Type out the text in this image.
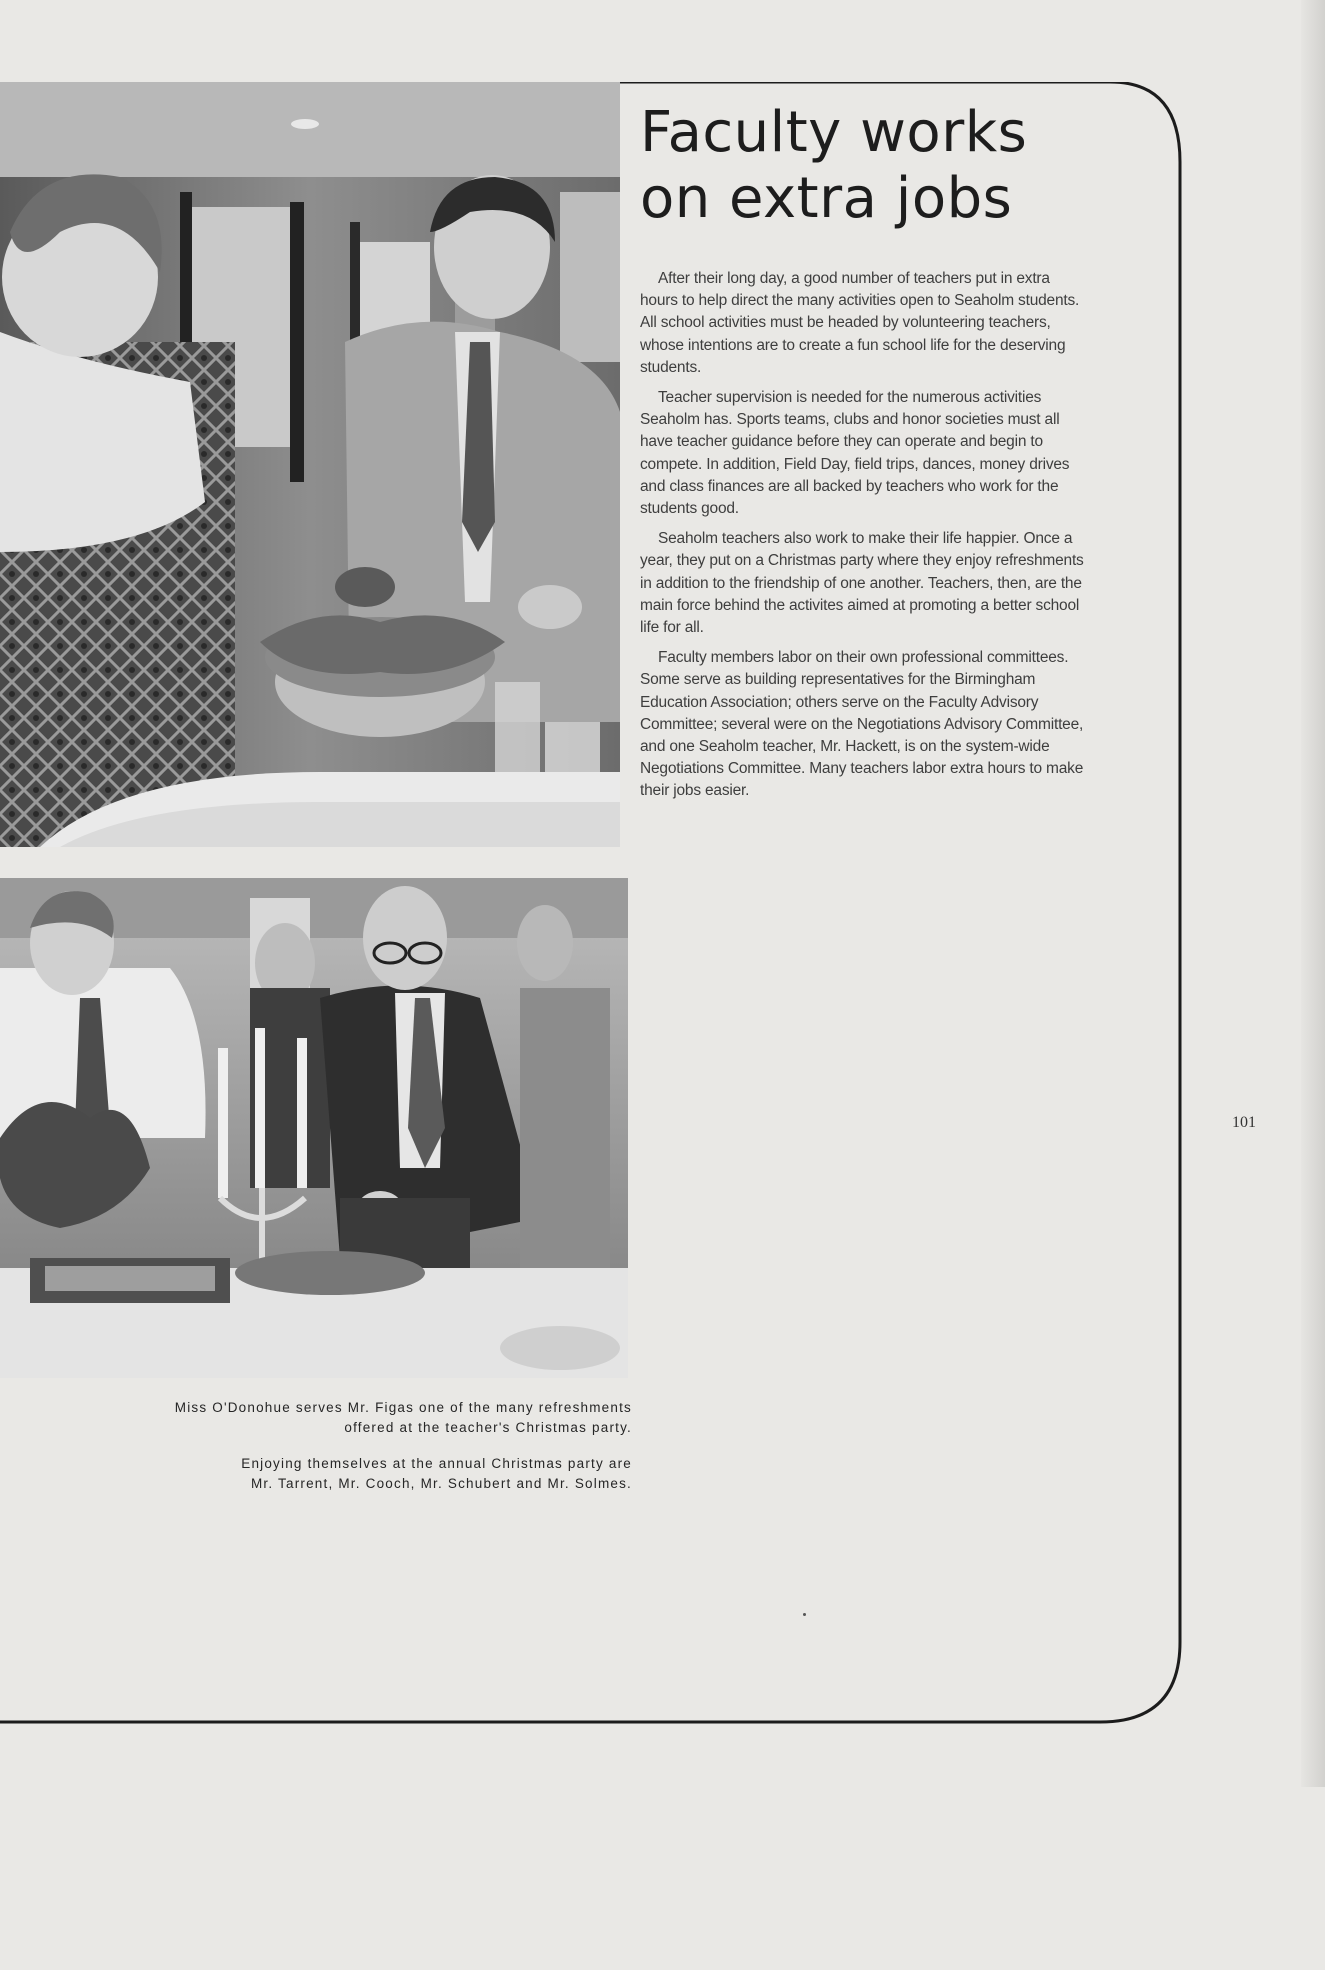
Faculty works
on extra jobs

After their long day, a good number of teachers put in extra hours to help direct the many activities open to Seaholm students. All school activities must be headed by volunteering teachers, whose intentions are to create a fun school life for the deserving students.

Teacher supervision is needed for the numerous activities Seaholm has. Sports teams, clubs and honor societies must all have teacher guidance before they can operate and begin to compete. In addition, Field Day, field trips, dances, money drives and class finances are all backed by teachers who work for the students good.

Seaholm teachers also work to make their life happier. Once a year, they put on a Christmas party where they enjoy refreshments in addition to the friendship of one another. Teachers, then, are the main force behind the activites aimed at promoting a better school life for all.

Faculty members labor on their own professional committees. Some serve as building representatives for the Birmingham Education Association; others serve on the Faculty Advisory Committee; several were on the Negotiations Advisory Committee, and one Seaholm teacher, Mr. Hackett, is on the system-wide Negotiations Committee. Many teachers labor extra hours to make their jobs easier.

Miss O'Donohue serves Mr. Figas one of the many refreshments
offered at the teacher's Christmas party.

Enjoying themselves at the annual Christmas party are
Mr. Tarrent, Mr. Cooch, Mr. Schubert and Mr. Solmes.

101
